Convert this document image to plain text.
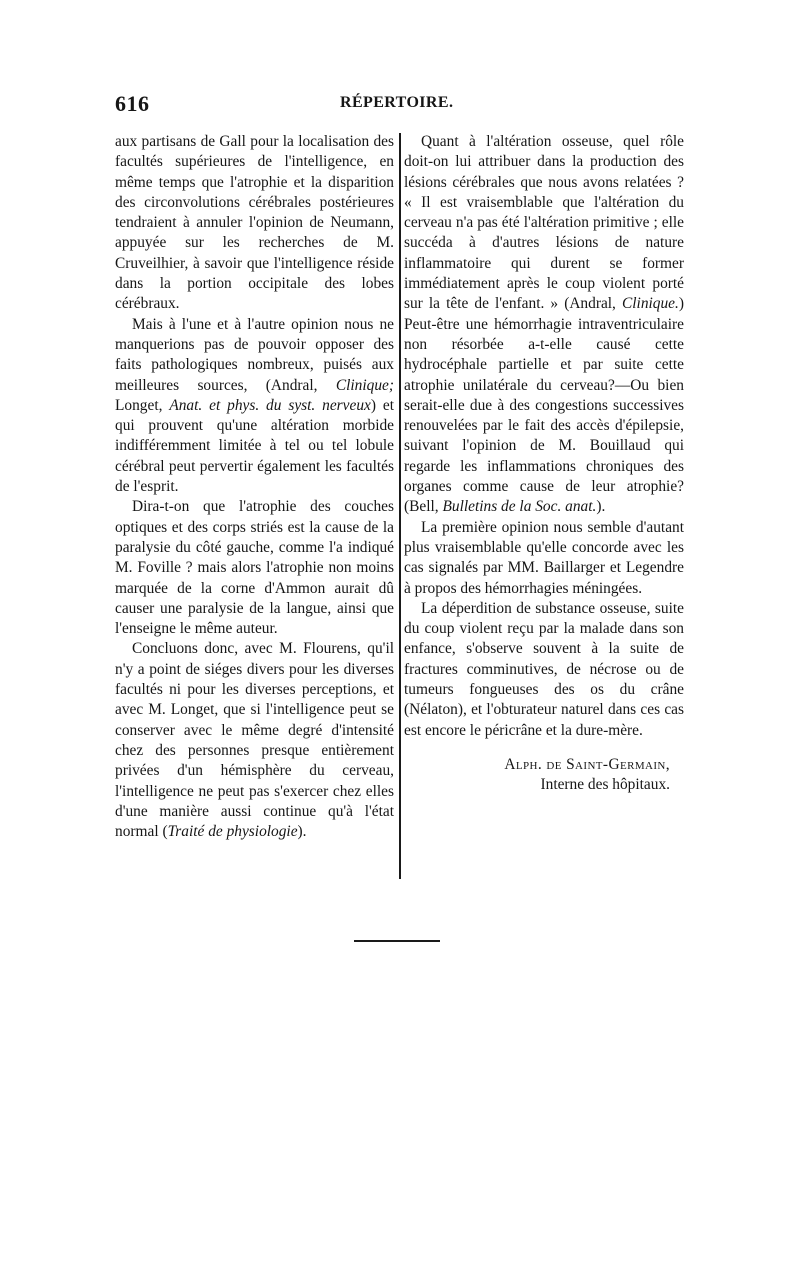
616	RÉPERTOIRE.

aux partisans de Gall pour la localisation des facultés supérieures de l'intelligence, en même temps que l'atrophie et la disparition des circonvolutions cérébrales postérieures tendraient à annuler l'opinion de Neumann, appuyée sur les recherches de M. Cruveilhier, à savoir que l'intelligence réside dans la portion occipitale des lobes cérébraux.

Mais à l'une et à l'autre opinion nous ne manquerions pas de pouvoir opposer des faits pathologiques nombreux, puisés aux meilleures sources, (Andral, Clinique; Longet, Anat. et phys. du syst. nerveux) et qui prouvent qu'une altération morbide indifféremment limitée à tel ou tel lobule cérébral peut pervertir également les facultés de l'esprit.

Dira-t-on que l'atrophie des couches optiques et des corps striés est la cause de la paralysie du côté gauche, comme l'a indiqué M. Foville ? mais alors l'atrophie non moins marquée de la corne d'Ammon aurait dû causer une paralysie de la langue, ainsi que l'enseigne le même auteur.

Concluons donc, avec M. Flourens, qu'il n'y a point de siéges divers pour les diverses facultés ni pour les diverses perceptions, et avec M. Longet, que si l'intelligence peut se conserver avec le même degré d'intensité chez des personnes presque entièrement privées d'un hémisphère du cerveau, l'intelligence ne peut pas s'exercer chez elles d'une manière aussi continue qu'à l'état normal (Traité de physiologie).

Quant à l'altération osseuse, quel rôle doit-on lui attribuer dans la production des lésions cérébrales que nous avons relatées ? « Il est vraisemblable que l'altération du cerveau n'a pas été l'altération primitive ; elle succéda à d'autres lésions de nature inflammatoire qui durent se former immédiatement après le coup violent porté sur la tête de l'enfant. » (Andral, Clinique.) Peut-être une hémorrhagie intraventriculaire non résorbée a-t-elle causé cette hydrocéphale partielle et par suite cette atrophie unilatérale du cerveau?—Ou bien serait-elle due à des congestions successives renouvelées par le fait des accès d'épilepsie, suivant l'opinion de M. Bouillaud qui regarde les inflammations chroniques des organes comme cause de leur atrophie? (Bell, Bulletins de la Soc. anat.).

La première opinion nous semble d'autant plus vraisemblable qu'elle concorde avec les cas signalés par MM. Baillarger et Legendre à propos des hémorrhagies méningées.

La déperdition de substance osseuse, suite du coup violent reçu par la malade dans son enfance, s'observe souvent à la suite de fractures comminutives, de nécrose ou de tumeurs fongueuses des os du crâne (Nélaton), et l'obturateur naturel dans ces cas est encore le péricrâne et la dure-mère.

Alph. de Saint-Germain,
Interne des hôpitaux.
